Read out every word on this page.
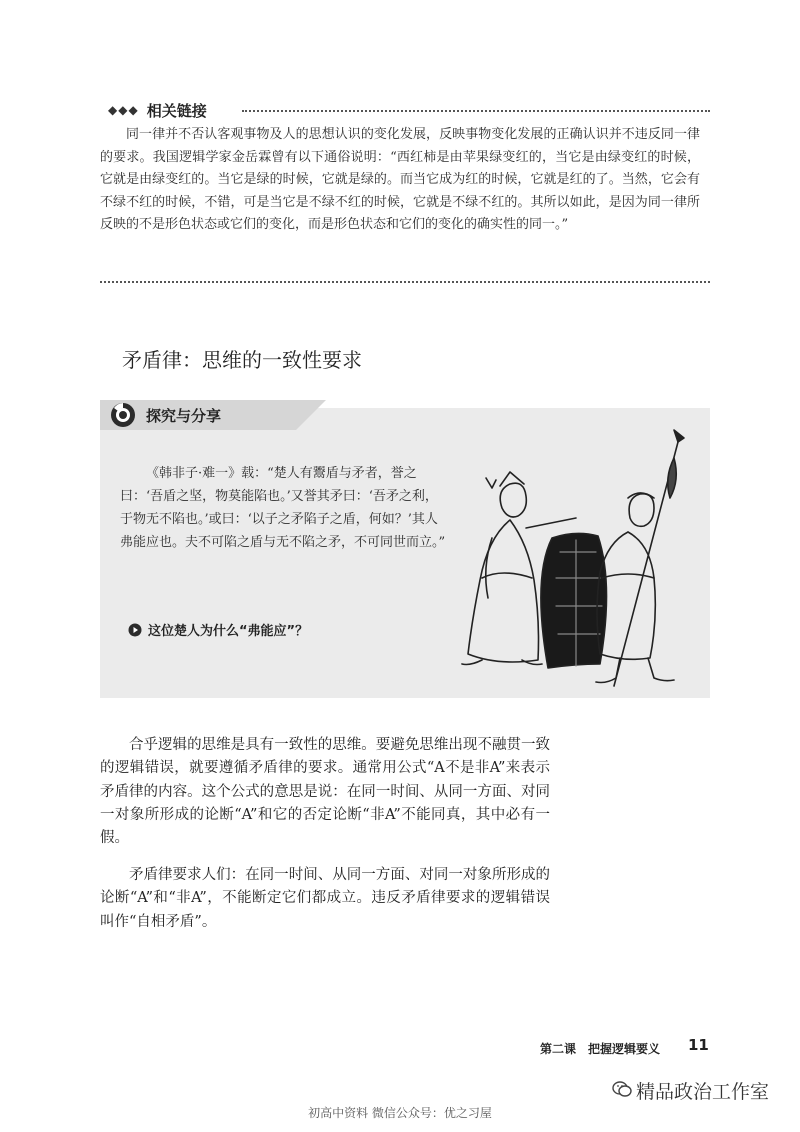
◆◆◆ 相关链接

同一律并不否认客观事物及人的思想认识的变化发展，反映事物变化发展的正确认识并不违反同一律的要求。我国逻辑学家金岳霖曾有以下通俗说明：“西红柿是由苹果绿变红的，当它是由绿变红的时候，它就是由绿变红的。当它是绿的时候，它就是绿的。而当它成为红的时候，它就是红的了。当然，它会有不绿不红的时候，不错，可是当它是不绿不红的时候，它就是不绿不红的。其所以如此，是因为同一律所反映的不是形色状态或它们的变化，而是形色状态和它们的变化的确实性的同一。”

矛盾律：思维的一致性要求
探究与分享

《韩非子·难一》载：“楚人有鬻盾与矛者，誉之曰：‘吾盾之坚，物莫能陷也。’又誉其矛曰：‘吾矛之利，于物无不陷也。’或曰：‘以子之矛陷子之盾，何如？’其人弗能应也。夫不可陷之盾与无不陷之矛，不可同世而立。”

这位楚人为什么“弗能应”？

合乎逻辑的思维是具有一致性的思维。要避免思维出现不融贯一致的逻辑错误，就要遵循矛盾律的要求。通常用公式“A不是非A”来表示矛盾律的内容。这个公式的意思是说：在同一时间、从同一方面、对同一对象所形成的论断“A”和它的否定论断“非A”不能同真，其中必有一假。

矛盾律要求人们：在同一时间、从同一方面、对同一对象所形成的论断“A”和“非A”，不能断定它们都成立。违反矛盾律要求的逻辑错误叫作“自相矛盾”。

第二课　把握逻辑要义 11
精品政治工作室
初高中资料 微信公众号：优之习屋
